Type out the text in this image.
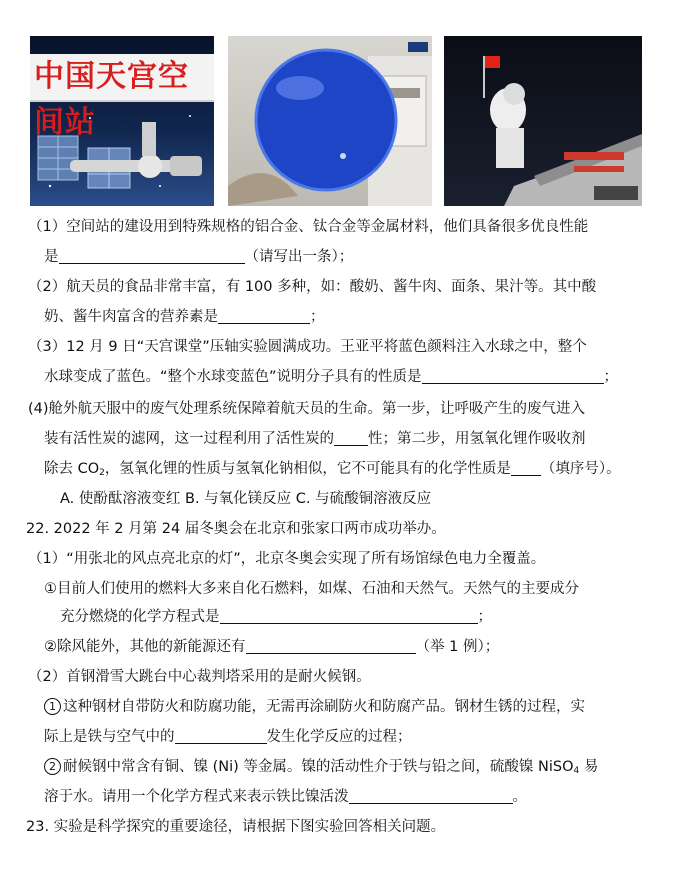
中国天宫空间站
（1）空间站的建设用到特殊规格的铝合金、钛合金等金属材料，他们具备很多优良性能
是	（请写出一条）；
（2）航天员的食品非常丰富，有 100 多种，如：酸奶、酱牛肉、面条、果汁等。其中酸
奶、酱牛肉富含的营养素是	；
（3）12 月 9 日“天宫课堂”压轴实验圆满成功。王亚平将蓝色颜料注入水球之中，整个
水球变成了蓝色。“整个水球变蓝色”说明分子具有的性质是	；
(4)舱外航天服中的废气处理系统保障着航天员的生命。第一步，让呼吸产生的废气进入
装有活性炭的滤网，这一过程利用了活性炭的 性；第二步，用氢氧化锂作吸收剂
除去 $CO_2$，氢氧化锂的性质与氢氧化钠相似，它不可能具有的化学性质是 （填序号）。
A. 使酚酞溶液变红 B. 与氧化镁反应 C. 与硫酸铜溶液反应
22. 2022 年 2 月第 24 届冬奥会在北京和张家口两市成功举办。
（1）“用张北的风点亮北京的灯”，北京冬奥会实现了所有场馆绿色电力全覆盖。
①目前人们使用的燃料大多来自化石燃料，如煤、石油和天然气。天然气的主要成分
充分燃烧的化学方程式是	；
②除风能外，其他的新能源还有	（举 1 例）；
（2）首钢滑雪大跳台中心裁判塔采用的是耐火候钢。
1 这种钢材自带防火和防腐功能，无需再涂刷防火和防腐产品。钢材生锈的过程，实
际上是铁与空气中的	发生化学反应的过程；
2 耐候钢中常含有铜、镍 (Ni) 等金属。镍的活动性介于铁与铅之间，硫酸镍 NiSO$_4$ 易
溶于水。请用一个化学方程式来表示铁比镍活泼	。
23. 实验是科学探究的重要途径，请根据下图实验回答相关问题。
